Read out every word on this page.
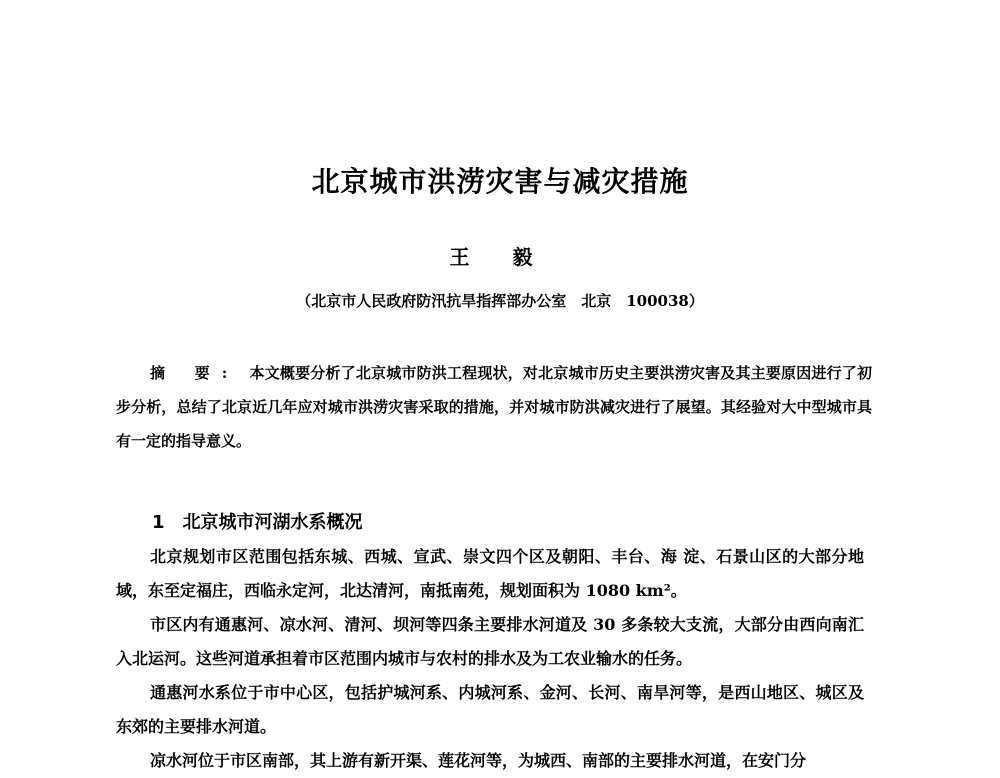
北京城市洪涝灾害与减灾措施
王 毅
（北京市人民政府防汛抗旱指挥部办公室　北京　100038）
摘 要: 本文概要分析了北京城市防洪工程现状，对北京城市历史主要洪涝灾害及其主要原因进行了初步分析，总结了北京近几年应对城市洪涝灾害采取的措施，并对城市防洪减灾进行了展望。其经验对大中型城市具有一定的指导意义。
1 北京城市河湖水系概况

北京规划市区范围包括东城、西城、宣武、崇文四个区及朝阳、丰台、海 淀、石景山区的大部分地域，东至定福庄，西临永定河，北达清河，南抵南苑，规划面积为 1080 km²。

市区内有通惠河、凉水河、清河、坝河等四条主要排水河道及 30 多条较大支流，大部分由西向南汇入北运河。这些河道承担着市区范围内城市与农村的排水及为工农业输水的任务。

通惠河水系位于市中心区，包括护城河系、内城河系、金河、长河、南旱河等，是西山地区、城区及东郊的主要排水河道。

凉水河位于市区南部，其上游有新开渠、莲花河等，为城西、南部的主要排水河道，在安门分
